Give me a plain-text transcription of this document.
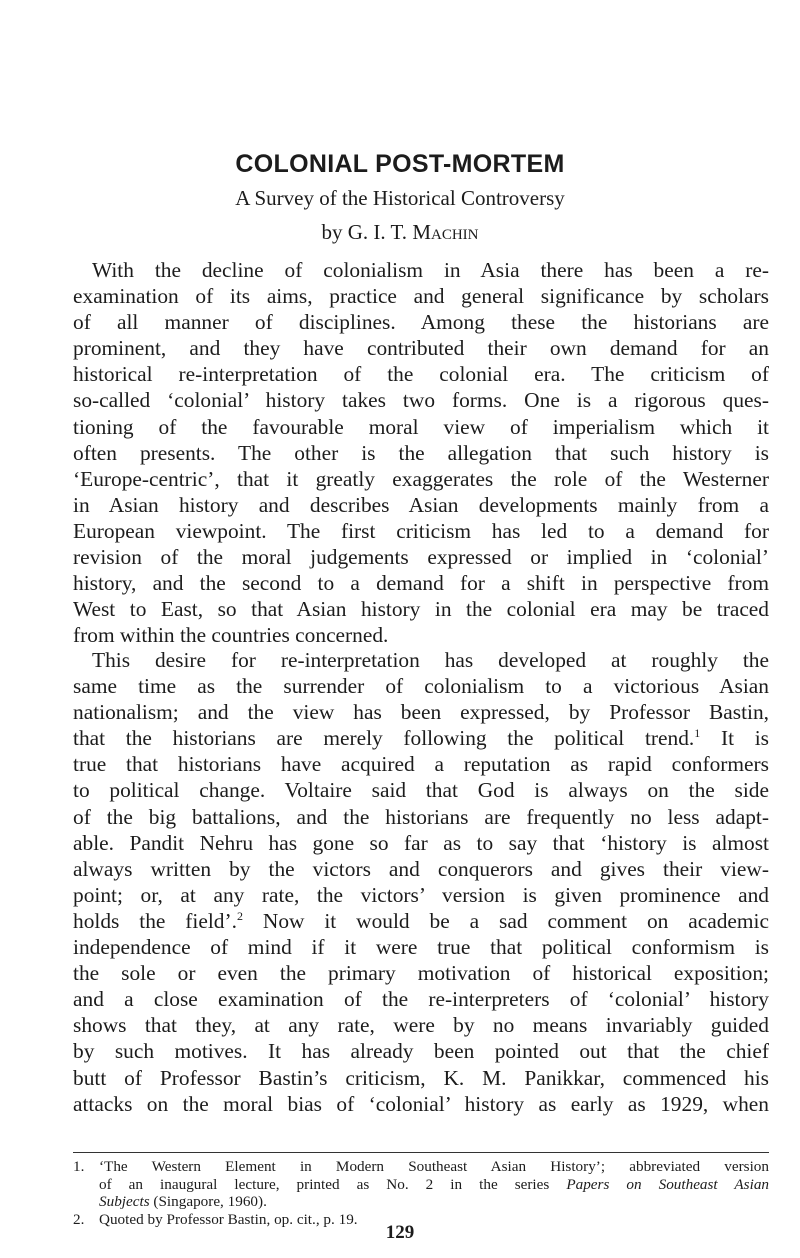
COLONIAL POST-MORTEM
A Survey of the Historical Controversy
by G. I. T. Machin
With the decline of colonialism in Asia there has been a re-
examination of its aims, practice and general significance by scholars
of all manner of disciplines. Among these the historians are
prominent, and they have contributed their own demand for an
historical re-interpretation of the colonial era. The criticism of
so-called ‘colonial’ history takes two forms. One is a rigorous ques-
tioning of the favourable moral view of imperialism which it
often presents. The other is the allegation that such history is
‘Europe-centric’, that it greatly exaggerates the role of the Westerner
in Asian history and describes Asian developments mainly from a
European viewpoint. The first criticism has led to a demand for
revision of the moral judgements expressed or implied in ‘colonial’
history, and the second to a demand for a shift in perspective from
West to East, so that Asian history in the colonial era may be traced
from within the countries concerned.
This desire for re-interpretation has developed at roughly the
same time as the surrender of colonialism to a victorious Asian
nationalism; and the view has been expressed, by Professor Bastin,
that the historians are merely following the political trend.$^1$ It is
true that historians have acquired a reputation as rapid conformers
to political change. Voltaire said that God is always on the side
of the big battalions, and the historians are frequently no less adapt-
able. Pandit Nehru has gone so far as to say that ‘history is almost
always written by the victors and conquerors and gives their view-
point; or, at any rate, the victors’ version is given prominence and
holds the field’.$^2$ Now it would be a sad comment on academic
independence of mind if it were true that political conformism is
the sole or even the primary motivation of historical exposition;
and a close examination of the re-interpreters of ‘colonial’ history
shows that they, at any rate, were by no means invariably guided
by such motives. It has already been pointed out that the chief
butt of Professor Bastin’s criticism, K. M. Panikkar, commenced his
attacks on the moral bias of ‘colonial’ history as early as 1929, when
1. ‘The Western Element in Modern Southeast Asian History’; abbreviated version
of an inaugural lecture, printed as No. 2 in the series Papers on Southeast Asian
Subjects (Singapore, 1960).
2. Quoted by Professor Bastin, op. cit., p. 19.
129
